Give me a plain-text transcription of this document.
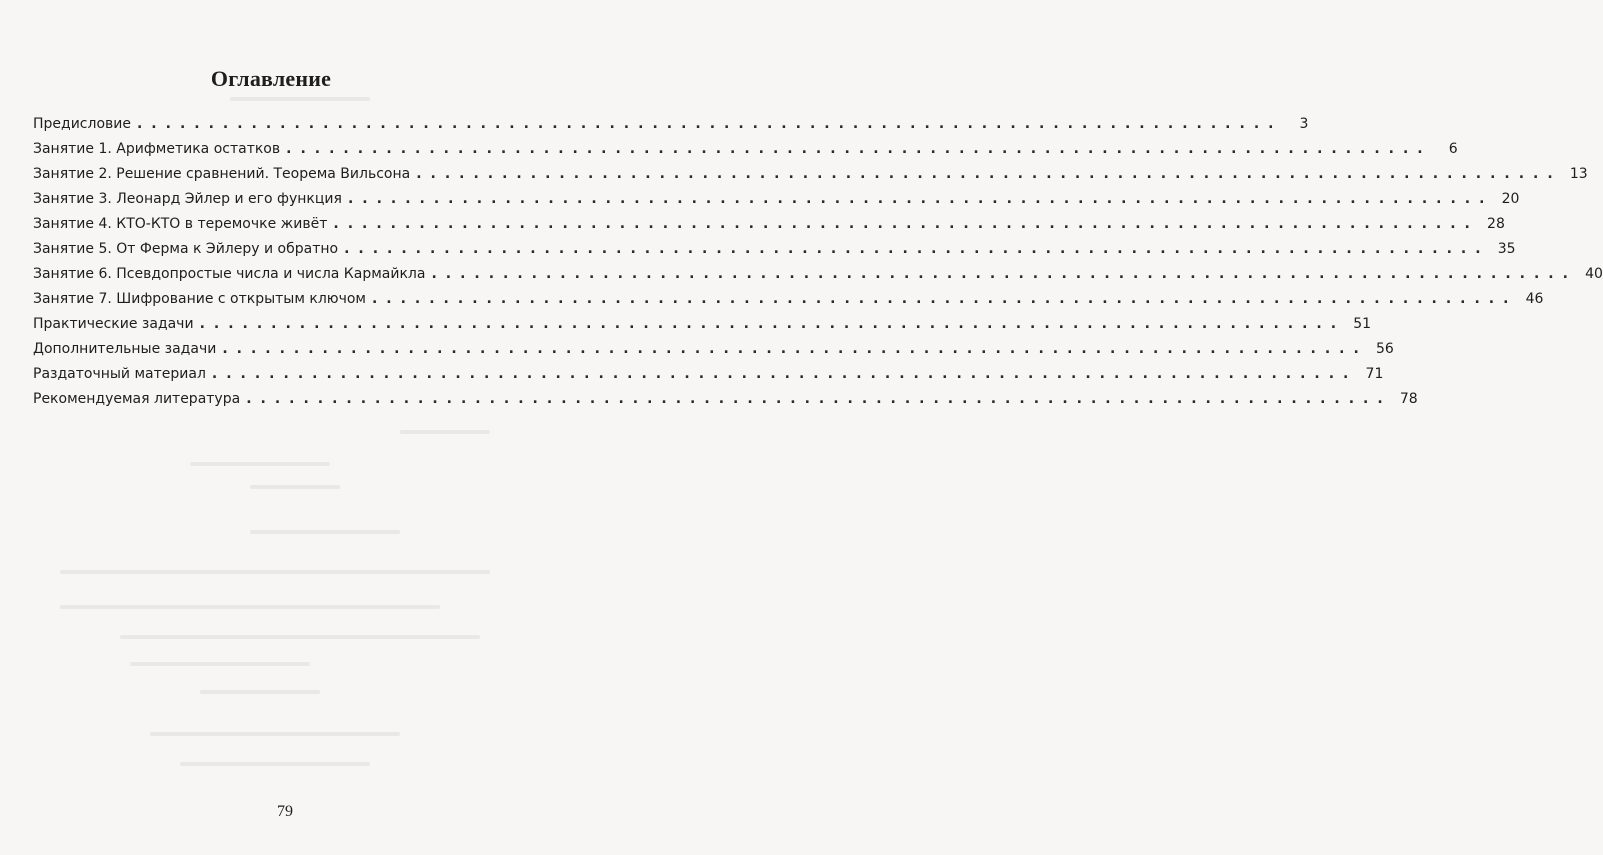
Оглавление
Предисловие ................................................................................	3
Занятие 1. Арифметика остатков ................................................................................	6
Занятие 2. Решение сравнений. Теорема Вильсона ................................................................................ 13
Занятие 3. Леонард Эйлер и его функция ................................................................................ 20
Занятие 4. КТО-КТО в теремочке живёт ................................................................................ 28
Занятие 5. От Ферма к Эйлеру и обратно ................................................................................ 35
Занятие 6. Псевдопростые числа и числа Кармайкла ................................................................................ 40
Занятие 7. Шифрование с открытым ключом ................................................................................ 46
Практические задачи ................................................................................ 51
Дополнительные задачи ................................................................................ 56
Раздаточный материал ................................................................................ 71
Рекомендуемая литература ................................................................................ 78
79
